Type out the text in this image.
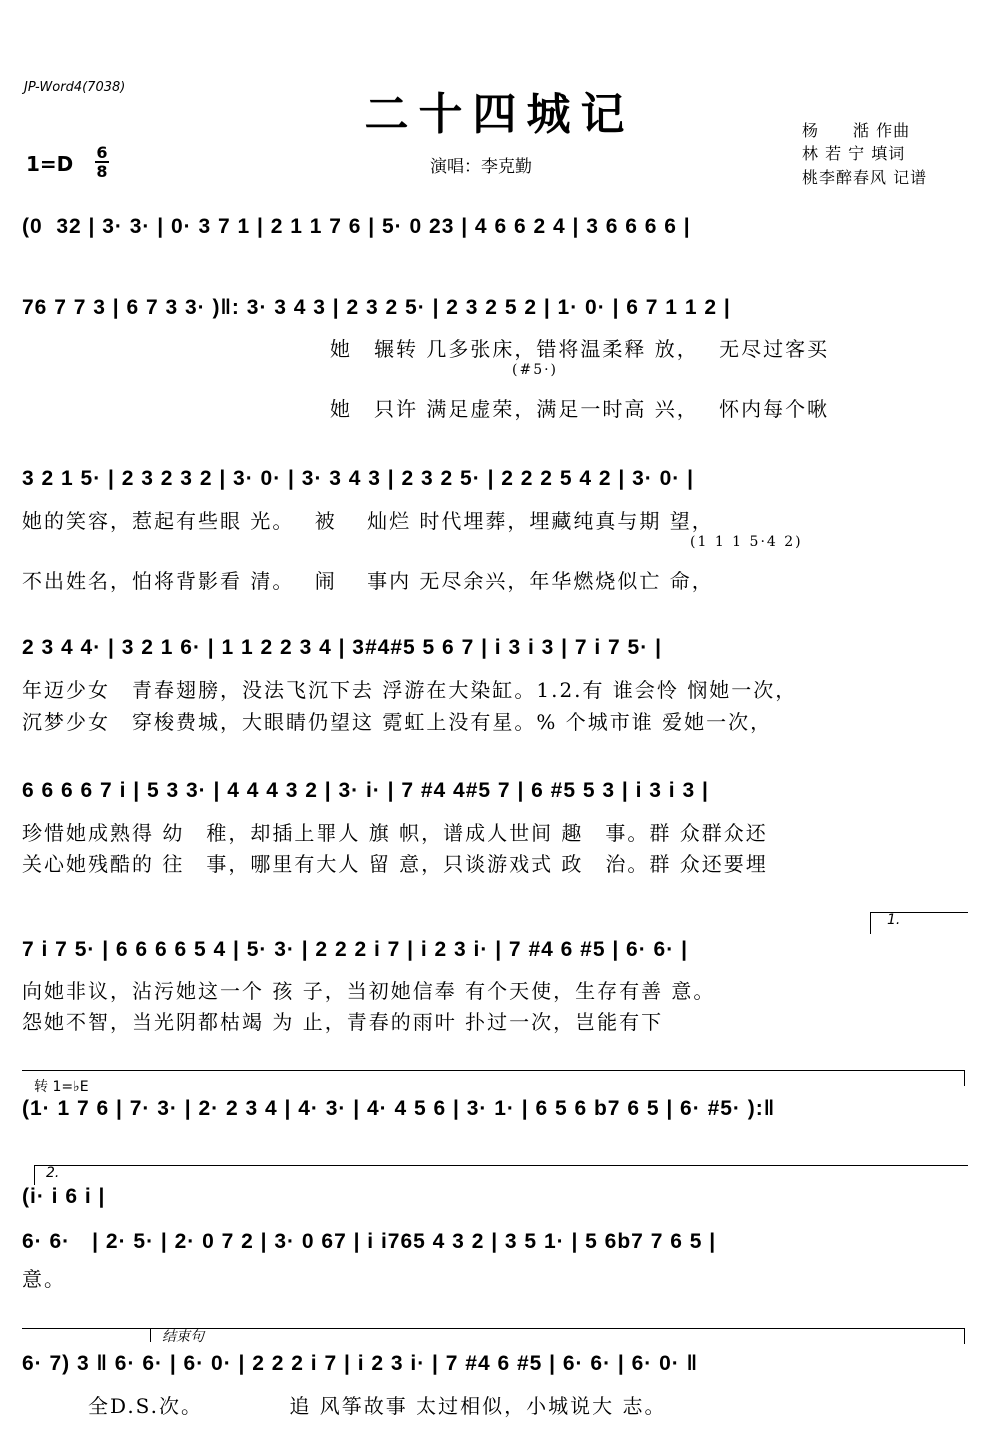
JP-Word4(7038)
二十四城记	杨　　湉 作曲
林 若 宁 填词
桃李醉春风 记谱
1=D 6
8	演唱：李克勤
(0  32 | 3· 3· | 0· 3 7 1 | 2 1 1 7 6 | 5· 0 23 | 4 6 6 2 4 | 3 6 6 6 6 |
76 7 7 3 | 6 7 3 3· )‖: 3· 3 4 3 | 2 3 2 5· | 2 3 2 5 2 | 1· 0· | 6 7 1 1 2 |
　　　　　　　　　　　　　　她　辗转 几多张床，错将温柔释 放，　 无尽过客买
(#5·)
　　　　　　　　　　　　　　她　只许 满足虚荣，满足一时高 兴，　 怀内每个啾
3 2 1 5· | 2 3 2 3 2 | 3· 0· | 3· 3 4 3 | 2 3 2 5· | 2 2 2 5 4 2 | 3· 0· |
她的笑容，惹起有些眼 光。　 被　 灿烂 时代埋葬，埋藏纯真与期 望，
(1 1 1 5·4 2)
不出姓名，怕将背影看 清。　 闹　 事内 无尽余兴，年华燃烧似亡 命，
2 3 4 4· | 3 2 1 6· | 1 1 2 2 3 4 | 3#4#5 5 6 7 | i 3 i 3 | 7 i 7 5· |
年迈少女　青春翅膀，没法飞沉下去 浮游在大染缸。1.2.有 谁会怜 悯她一次，
沉梦少女　穿梭费城，大眼睛仍望这 霓虹上没有星。% 个城市谁 爱她一次，
6 6 6 6 7 i | 5 3 3· | 4 4 4 3 2 | 3· i· | 7 #4 4#5 7 | 6 #5 5 3 | i 3 i 3 |
珍惜她成熟得 幼　稚，却插上罪人 旗 帜，谱成人世间 趣　事。群 众群众还
关心她残酷的 往　事，哪里有大人 留 意，只谈游戏式 政　治。群 众还要埋
1.
7 i 7 5· | 6 6 6 6 5 4 | 5· 3· | 2 2 2 i 7 | i 2 3 i· | 7 #4 6 #5 | 6· 6· |
向她非议，沾污她这一个 孩 子，当初她信奉 有个天使，生存有善 意。
怨她不智，当光阴都枯竭 为 止，青春的雨叶 扑过一次，岂能有下
转 1=♭E
(1· 1 7 6 | 7· 3· | 2· 2 3 4 | 4· 3· | 4· 4 5 6 | 3· 1· | 6 5 6 b7 6 5 | 6· #5· ):‖
2.
(i· i 6 i |
6· 6·　| 2· 5· | 2· 0 7 2 | 3· 0 67 | i i765 4 3 2 | 3 5 1· | 5 6b7 7 6 5 |
意。
结束句
6· 7) 3 ‖ 6· 6· | 6· 0· | 2 2 2 i 7 | i 2 3 i· | 7 #4 6 #5 | 6· 6· | 6· 0· ‖
　　　全D.S.次。　　　　 追 风筝故事 太过相似，小城说大 志。
